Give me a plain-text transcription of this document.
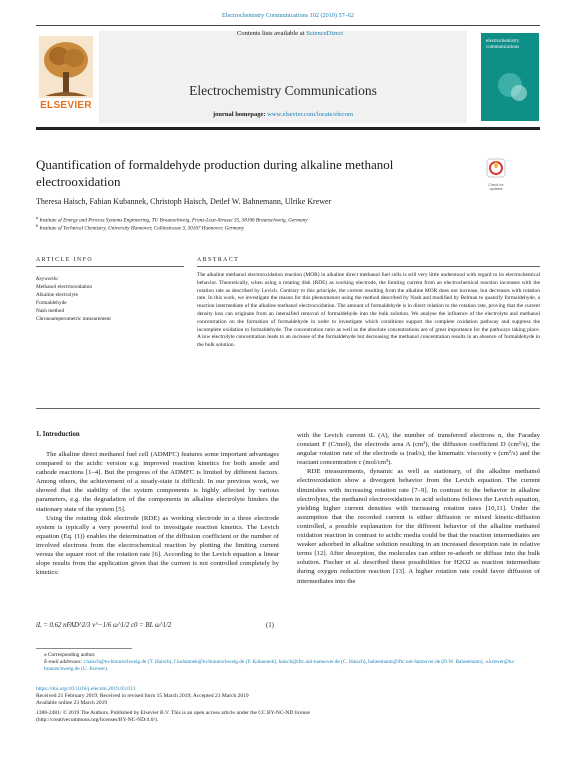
Electrochemistry Communications 102 (2019) 57–62
Contents lists available at ScienceDirect
Electrochemistry Communications
journal homepage: www.elsevier.com/locate/elecom
ELSEVIER
electrochemistry communications
Quantification of formaldehyde production during alkaline methanol electrooxidation	Check for
updates
Theresa Haisch, Fabian Kubannek, Christoph Haisch, Detlef W. Bahnemann, Ulrike Krewer
$^a$ Institute of Energy and Process Systems Engineering, TU Braunschweig, Franz-Liszt-Strasse 35, 38106 Braunschweig, Germany
$^b$ Institute of Technical Chemistry, University Hannover, Callinstrasse 3, 30167 Hannover, Germany
ARTICLE INFO
Keywords:
Methanol electrooxidation
Alkaline electrolyte
Formaldehyde
Nash method
Chronoamperometric measurement
ABSTRACT
The alkaline methanol electrooxidation reaction (MOR) in alkaline direct methanol fuel cells is still very little understood with regard to its electrochemical behavior. Theoretically, when using a rotating disk (RDE) as working electrode, the limiting current from an electrochemical reaction increases with the rotation rate as described by Levich. Contrary to this principle, the current resulting from the alkaline MOR does not increase, but decreases with rotation rate. In this work, we investigate the reason for this phenomenon using the method described by Nash and modified by Belman to quantify formaldehyde, a reaction intermediate of the alkaline methanol electrooxidation. The amount of formaldehyde is in direct relation to the rotation rate, proving that the current density loss can originate from an intensified removal of formaldehyde into the bulk solution. We analyse the influence of the electrolyte and methanol concentration on the formation of formaldehyde in order to investigate which conditions support the complete oxidation pathway and suppress the incomplete oxidation to formaldehyde. The concentration ratio as well as the absolute concentrations are of great importance for the pathways taking place. A low electrolyte concentration leads to an increase of the formaldehyde but decreasing the methanol concentration results in an absence of formaldehyde in the bulk solution.
1. Introduction

The alkaline direct methanol fuel cell (ADMFC) features some important advantages compared to the acidic version e.g. improved reaction kinetics for both anode and cathode reactions [1–4]. But the progress of the ADMFC is limited by different factors. Among others, the achievement of a steady-state is difficult. In our previous work, we showed that the stability of the system components is highly affected by various parameters, e.g. the degradation of the components in alkaline electrolyte hinders the stationary state of the system [5].

Using the rotating disk electrode (RDE) as working electrode in a three electrode system is typically a very powerful tool to investigate reaction kinetics. The Levich equation (Eq. (1)) enables the determination of the diffusion coefficient or the number of involved electrons from the electrochemical reaction by plotting the limiting current versus the square root of the rotation rate [6]. According to the Levich equation a linear slope results from the application given that the current is not controlled completely by kinetics:

iL = 0.62 nFAD^2/3 ν^−1/6 ω^1/2 c0 = BL ω^1/2	(1)

with the Levich current iL (A), the number of transferred electrons n, the Faraday constant F (C/mol), the electrode area A (cm²), the diffusion coefficient D (cm²/s), the angular rotation rate of the electrode ω (rad/s), the kinematic viscosity ν (cm²/s) and the reactant concentration c (mol/cm³).

RDE measurements, dynamic as well as stationary, of the alkaline methanol electrooxidation show a divergent behavior from the Levich equation. The current diminishes with increasing rotation rate [7–9]. In contrast to the behavior in alkaline electrolytes, the methanol electrooxidation in acid solutions follows the Levich equation, yielding higher current densities with increasing rotation rates [10,11]. Under the assumption that the recorded current is either diffusion or mixed kinetic-diffusion controlled, a possible explanation for the different behavior of the alkaline methanol oxidation reaction in contrast to acidic media could be that the reaction intermediates are weaker adsorbed in alkaline solution resulting in an increased desorption rate in relative terms [12]. After desorption, the molecules can either re-adsorb or diffuse into the bulk solution. Fischer et al. described these possibilities for H2O2 as reaction intermediate during oxygen reduction reaction [13]. A higher rotation rate could favor diffusion of intermediates into the

⁎ Corresponding author.
E-mail addresses: t.haisch@tu-braunschweig.de (T. Haisch), f.kubannek@tu-braunschweig.de (F. Kubannek), haisch@iftc.uni-hannover.de (C. Haisch), bahnemann@iftc.uni-hannover.de (D.W. Bahnemann), u.krewer@tu-braunschweig.de (U. Krewer).
https://doi.org/10.1016/j.elecom.2019.03.013
Received 21 February 2019; Received in revised form 15 March 2019; Accepted 21 March 2019
Available online 23 March 2019
1388-2481/ © 2019 The Authors. Published by Elsevier B.V. This is an open access article under the CC BY-NC-ND license
(http://creativecommons.org/licenses/BY-NC-ND/4.0/).
